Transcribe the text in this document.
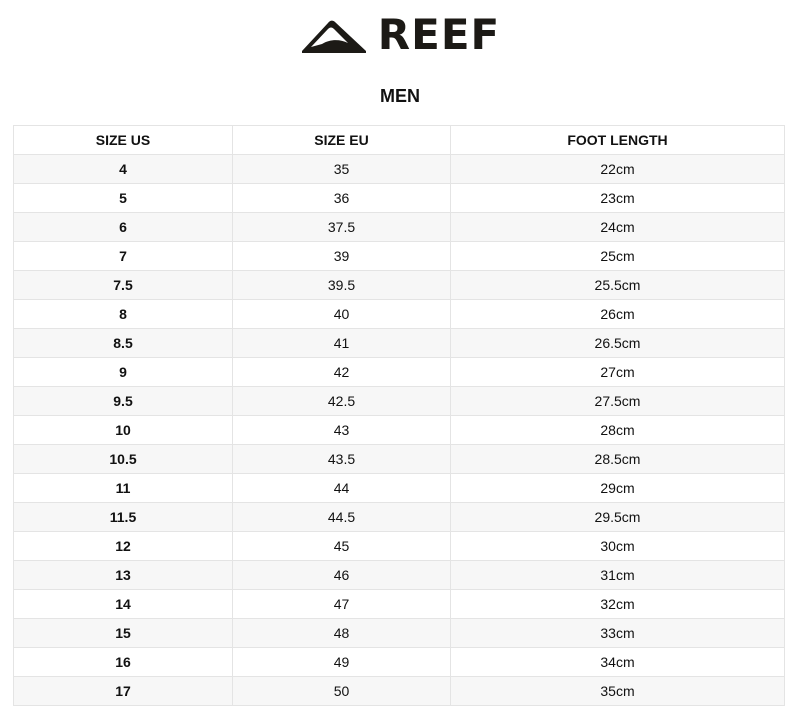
REEF
MEN
SIZE US	SIZE EU	FOOT LENGTH
4	35	22cm
5	36	23cm
6	37.5	24cm
7	39	25cm
7.5	39.5	25.5cm
8	40	26cm
8.5	41	26.5cm
9	42	27cm
9.5	42.5	27.5cm
10	43	28cm
10.5	43.5	28.5cm
11	44	29cm
11.5	44.5	29.5cm
12	45	30cm
13	46	31cm
14	47	32cm
15	48	33cm
16	49	34cm
17	50	35cm
